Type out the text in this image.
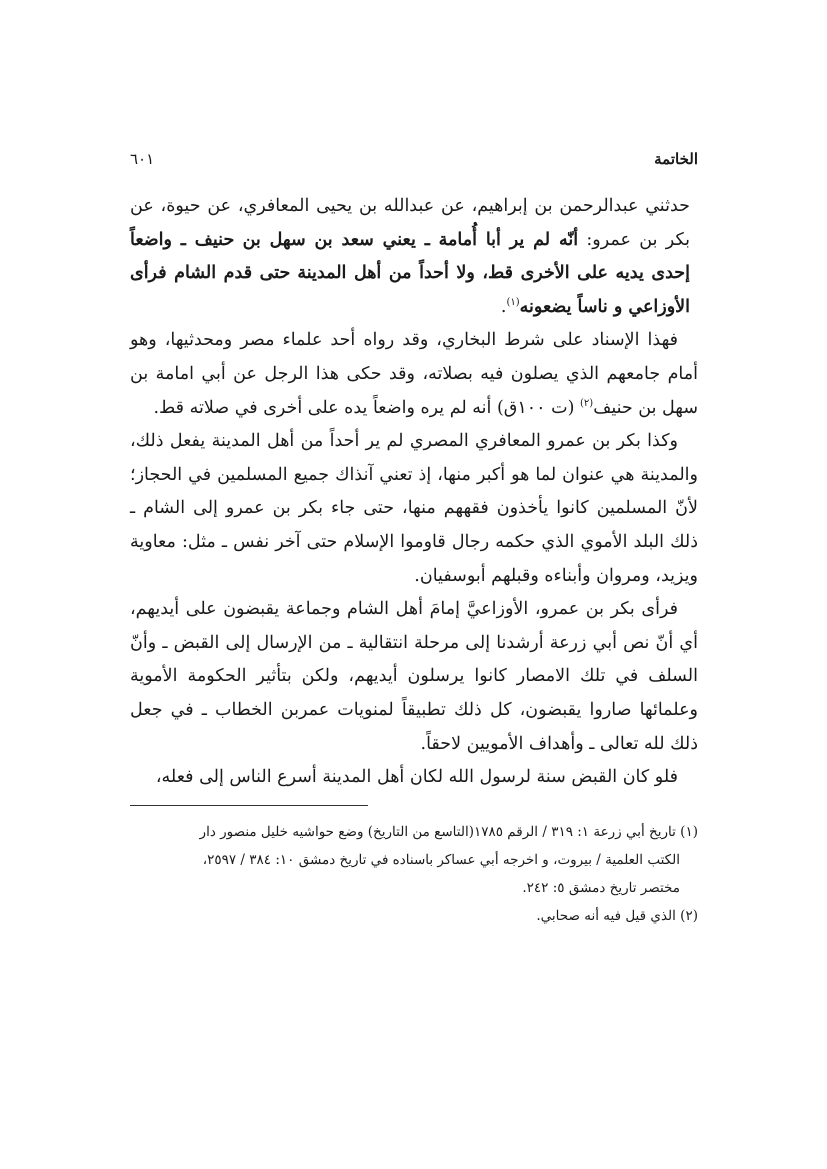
الخاتمة
٦٠١

حدثني عبدالرحمن بن إبراهيم، عن عبدالله بن يحيى المعافري، عن حيوة، عن بكر بن عمرو: أنّه لم ير أبا أُمامة ـ يعني سعد بن سهل بن حنيف ـ واضعاً إحدى يديه على الأخرى قط، ولا أحداً من أهل المدينة حتى قدم الشام فرأى الأوزاعي و ناساً يضعونه$^{(١)}$.

فهذا الإسناد على شرط البخاري، وقد رواه أحد علماء مصر ومحدثيها، وهو أمام جامعهم الذي يصلون فيه بصلاته، وقد حكى هذا الرجل عن أبي امامة بن سهل بن حنيف$^{(٢)}$ (ت ١٠٠ق) أنه لم يره واضعاً يده على أخرى في صلاته قط.

وكذا بكر بن عمرو المعافري المصري لم ير أحداً من أهل المدينة يفعل ذلك، والمدينة هي عنوان لما هو أكبر منها، إذ تعني آنذاك جميع المسلمين في الحجاز؛ لأنّ المسلمين كانوا يأخذون فقههم منها، حتى جاء بكر بن عمرو إلى الشام ـ ذلك البلد الأموي الذي حكمه رجال قاوموا الإسلام حتى آخر نفس ـ مثل: معاوية ويزيد، ومروان وأبناءه وقبلهم أبوسفيان.

فرأى بكر بن عمرو، الأوزاعيَّ إمامَ أهل الشام وجماعة يقبضون على أيديهم، أي أنّ نص أبي زرعة أرشدنا إلى مرحلة انتقالية ـ من الإرسال إلى القبض ـ وأنّ السلف في تلك الامصار كانوا يرسلون أيديهم، ولكن بتأثير الحكومة الأموية وعلمائها صاروا يقبضون، كل ذلك تطبيقاً لمنويات عمربن الخطاب ـ في جعل ذلك لله تعالى ـ وأهداف الأمويين لاحقاً.

فلو كان القبض سنة لرسول الله لكان أهل المدينة أسرع الناس إلى فعله،

(١) تاريخ أبي زرعة ١: ٣١٩ / الرقم ١٧٨٥(التاسع من التاريخ) وضع حواشيه خليل منصور دار

الكتب العلمية / بيروت، و اخرجه أبي عساكر باسناده في تاريخ دمشق ١٠: ٣٨٤ / ٢٥٩٧،

مختصر تاريخ دمشق ٥: ٢٤٢.

(٢) الذي قيل فيه أنه صحابي.
